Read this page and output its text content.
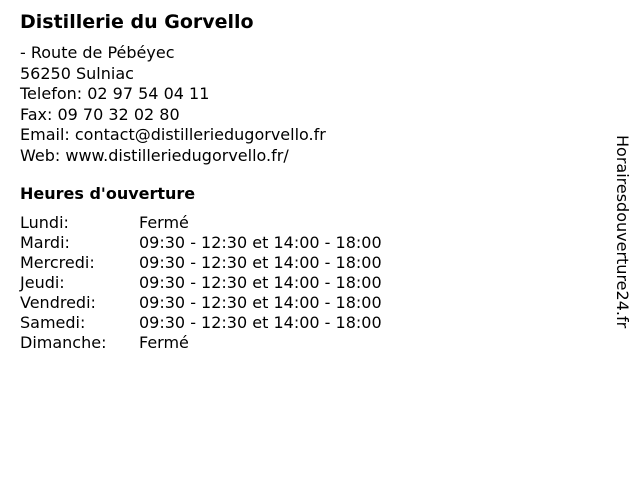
Distillerie du Gorvello
- Route de Pébéyec
56250 Sulniac
Telefon: 02 97 54 04 11
Fax: 09 70 32 02 80
Email: contact@distilleriedugorvello.fr
Web: www.distilleriedugorvello.fr/
Heures d'ouverture
Lundi:	Fermé
Mardi:	09:30 - 12:30 et 14:00 - 18:00
Mercredi:	09:30 - 12:30 et 14:00 - 18:00
Jeudi:	09:30 - 12:30 et 14:00 - 18:00
Vendredi:	09:30 - 12:30 et 14:00 - 18:00
Samedi:	09:30 - 12:30 et 14:00 - 18:00
Dimanche: Fermé
Horairesdouverture24.fr
